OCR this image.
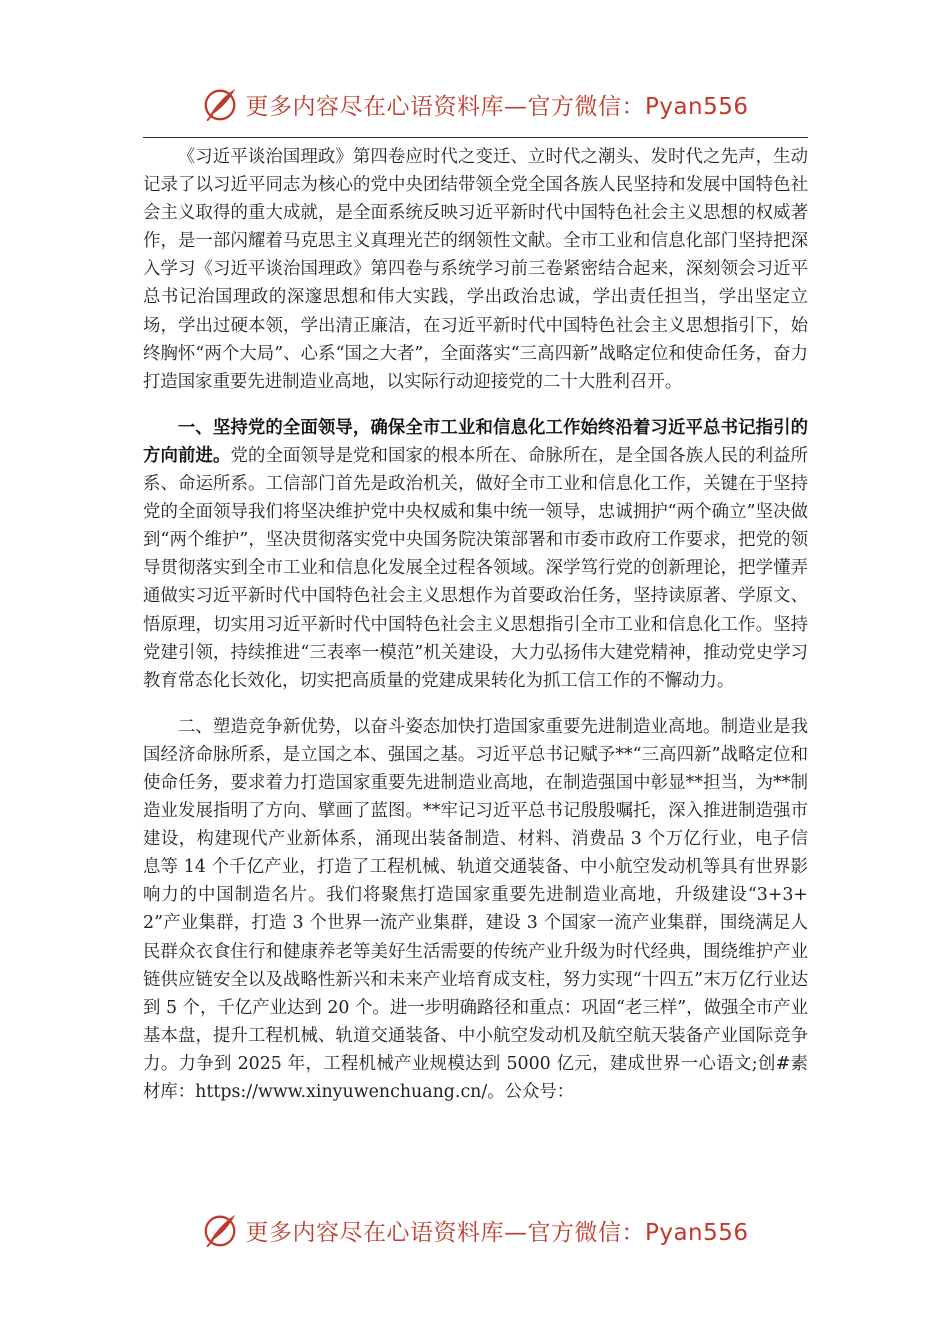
更多内容尽在心语资料库—官方微信：Pyan556

《习近平谈治国理政》第四卷应时代之变迁、立时代之潮头、发时代之先声，生动记录了以习近平同志为核心的党中央团结带领全党全国各族人民坚持和发展中国特色社会主义取得的重大成就，是全面系统反映习近平新时代中国特色社会主义思想的权威著作，是一部闪耀着马克思主义真理光芒的纲领性文献。全市工业和信息化部门坚持把深入学习《习近平谈治国理政》第四卷与系统学习前三卷紧密结合起来，深刻领会习近平总书记治国理政的深邃思想和伟大实践，学出政治忠诚，学出责任担当，学出坚定立场，学出过硬本领，学出清正廉洁，在习近平新时代中国特色社会主义思想指引下，始终胸怀“两个大局”、心系“国之大者”，全面落实“三高四新”战略定位和使命任务，奋力打造国家重要先进制造业高地，以实际行动迎接党的二十大胜利召开。

一、坚持党的全面领导，确保全市工业和信息化工作始终沿着习近平总书记指引的方向前进。党的全面领导是党和国家的根本所在、命脉所在，是全国各族人民的利益所系、命运所系。工信部门首先是政治机关，做好全市工业和信息化工作，关键在于坚持党的全面领导我们将坚决维护党中央权威和集中统一领导，忠诚拥护“两个确立”坚决做到“两个维护”，坚决贯彻落实党中央国务院决策部署和市委市政府工作要求，把党的领导贯彻落实到全市工业和信息化发展全过程各领域。深学笃行党的创新理论，把学懂弄通做实习近平新时代中国特色社会主义思想作为首要政治任务，坚持读原著、学原文、悟原理，切实用习近平新时代中国特色社会主义思想指引全市工业和信息化工作。坚持党建引领，持续推进“三表率一模范”机关建设，大力弘扬伟大建党精神，推动党史学习教育常态化长效化，切实把高质量的党建成果转化为抓工信工作的不懈动力。

二、塑造竞争新优势，以奋斗姿态加快打造国家重要先进制造业高地。制造业是我国经济命脉所系，是立国之本、强国之基。习近平总书记赋予**“三高四新”战略定位和使命任务，要求着力打造国家重要先进制造业高地，在制造强国中彰显**担当，为**制造业发展指明了方向、擘画了蓝图。**牢记习近平总书记殷殷嘱托，深入推进制造强市建设，构建现代产业新体系，涌现出装备制造、材料、消费品 3 个万亿行业，电子信息等 14 个千亿产业，打造了工程机械、轨道交通装备、中小航空发动机等具有世界影响力的中国制造名片。我们将聚焦打造国家重要先进制造业高地，升级建设“3+3+2”产业集群，打造 3 个世界一流产业集群，建设 3 个国家一流产业集群，围绕满足人民群众衣食住行和健康养老等美好生活需要的传统产业升级为时代经典，围绕维护产业链供应链安全以及战略性新兴和未来产业培育成支柱，努力实现“十四五”末万亿行业达到 5 个，千亿产业达到 20 个。进一步明确路径和重点：巩固“老三样”，做强全市产业基本盘，提升工程机械、轨道交通装备、中小航空发动机及航空航天装备产业国际竞争力。力争到 2025 年，工程机械产业规模达到 5000 亿元，建成世界一心语文;创#素材库：https://www.xinyuwenchuang.cn/。公众号：

更多内容尽在心语资料库—官方微信：Pyan556
